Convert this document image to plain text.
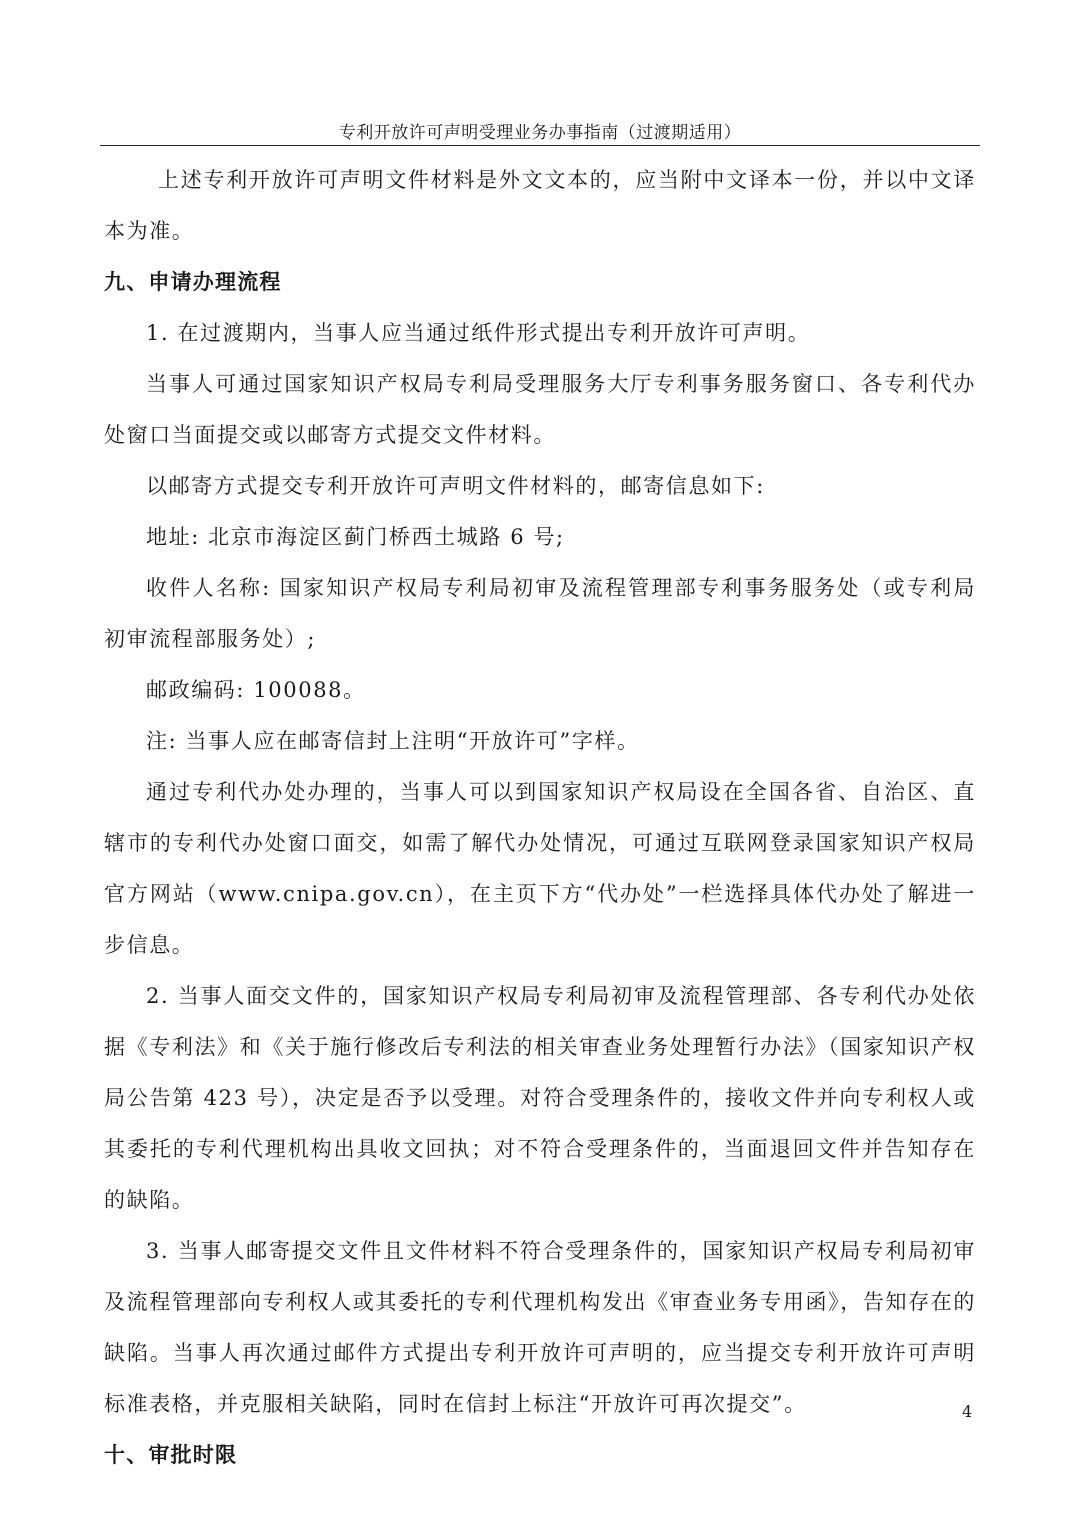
专利开放许可声明受理业务办事指南（过渡期适用）

上述专利开放许可声明文件材料是外文文本的，应当附中文译本一份，并以中文译本为准。

九、申请办理流程

1. 在过渡期内，当事人应当通过纸件形式提出专利开放许可声明。

当事人可通过国家知识产权局专利局受理服务大厅专利事务服务窗口、各专利代办处窗口当面提交或以邮寄方式提交文件材料。

以邮寄方式提交专利开放许可声明文件材料的，邮寄信息如下:

地址: 北京市海淀区蓟门桥西土城路 6 号;

收件人名称: 国家知识产权局专利局初审及流程管理部专利事务服务处（或专利局初审流程部服务处）;

邮政编码: 100088。

注: 当事人应在邮寄信封上注明“开放许可”字样。

通过专利代办处办理的，当事人可以到国家知识产权局设在全国各省、自治区、直辖市的专利代办处窗口面交，如需了解代办处情况，可通过互联网登录国家知识产权局官方网站（www.cnipa.gov.cn），在主页下方“代办处”一栏选择具体代办处了解进一步信息。

2. 当事人面交文件的，国家知识产权局专利局初审及流程管理部、各专利代办处依据《专利法》和《关于施行修改后专利法的相关审查业务处理暂行办法》（国家知识产权局公告第 423 号），决定是否予以受理。对符合受理条件的，接收文件并向专利权人或其委托的专利代理机构出具收文回执；对不符合受理条件的，当面退回文件并告知存在的缺陷。

3. 当事人邮寄提交文件且文件材料不符合受理条件的，国家知识产权局专利局初审及流程管理部向专利权人或其委托的专利代理机构发出《审查业务专用函》，告知存在的缺陷。当事人再次通过邮件方式提出专利开放许可声明的，应当提交专利开放许可声明标准表格，并克服相关缺陷，同时在信封上标注“开放许可再次提交”。

十、审批时限

4
